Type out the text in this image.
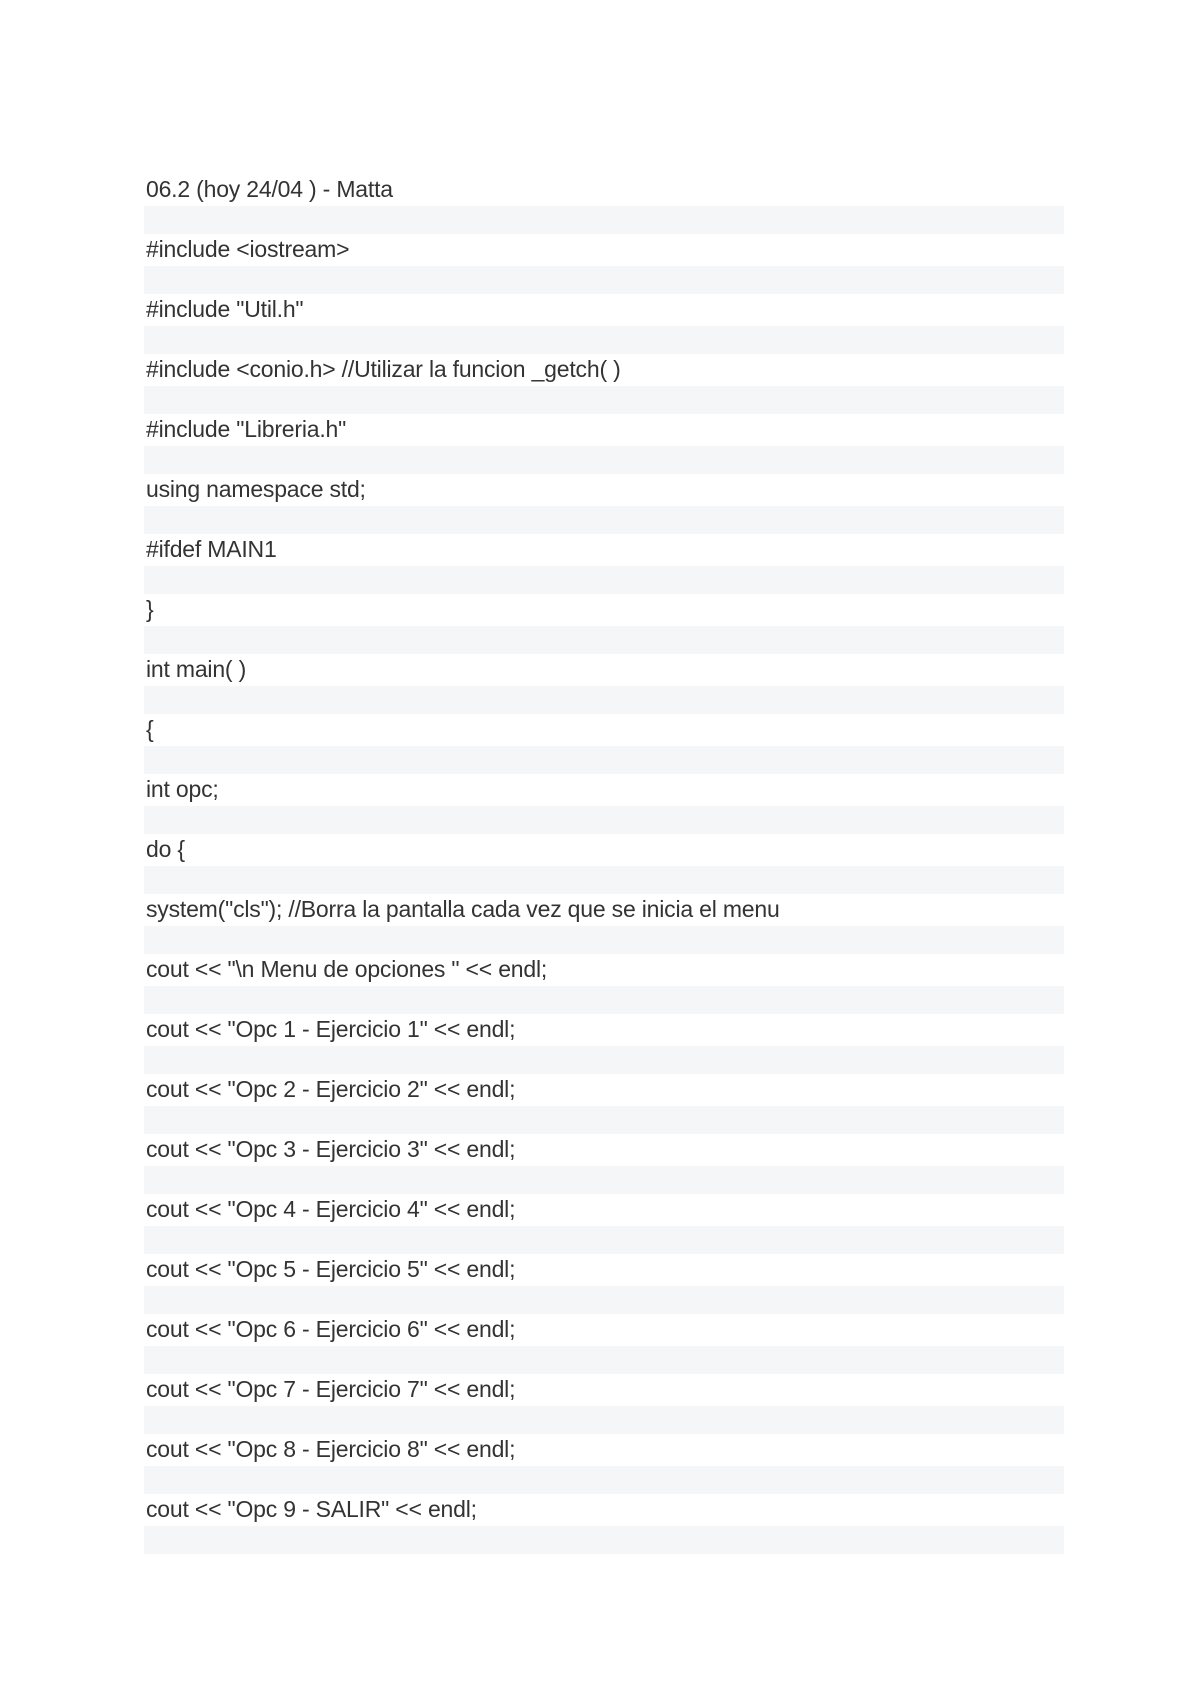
06.2 (hoy 24/04 ) - Matta
#include <iostream>
#include "Util.h"
#include <conio.h> //Utilizar la funcion _getch( )
#include "Libreria.h"
using namespace std;
#ifdef MAIN1
}
int main( )
{
int opc;
do {
system("cls"); //Borra la pantalla cada vez que se inicia el menu
cout << "\n Menu de opciones " << endl;
cout << "Opc 1 - Ejercicio 1" << endl;
cout << "Opc 2 - Ejercicio 2" << endl;
cout << "Opc 3 - Ejercicio 3" << endl;
cout << "Opc 4 - Ejercicio 4" << endl;
cout << "Opc 5 - Ejercicio 5" << endl;
cout << "Opc 6 - Ejercicio 6" << endl;
cout << "Opc 7 - Ejercicio 7" << endl;
cout << "Opc 8 - Ejercicio 8" << endl;
cout << "Opc 9 - SALIR" << endl;
